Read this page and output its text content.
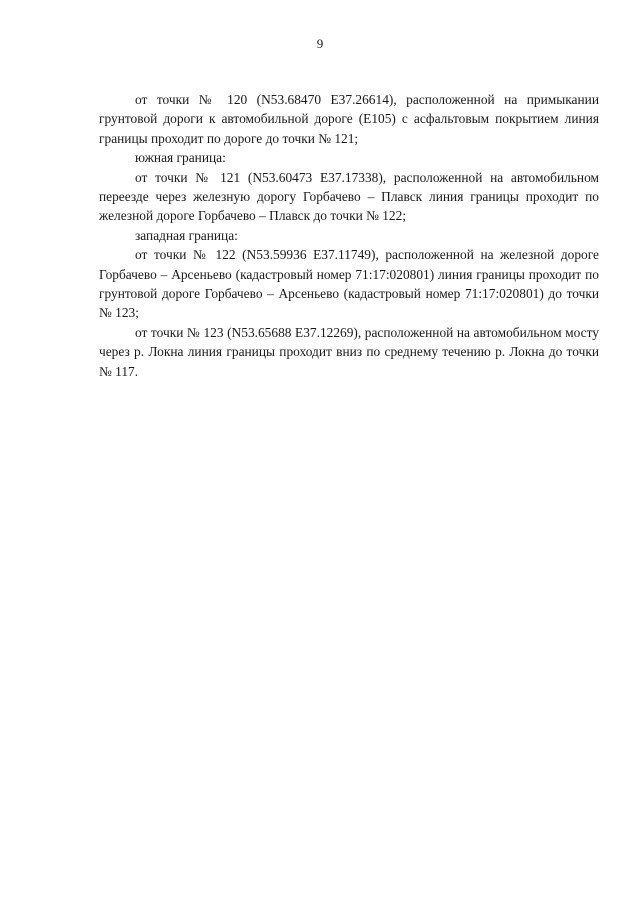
9

от точки № 120 (N53.68470 E37.26614), расположенной на примыкании грунтовой дороги к автомобильной дороге (Е105) с асфальтовым покрытием линия границы проходит по дороге до точки № 121;

южная граница:

от точки № 121 (N53.60473 E37.17338), расположенной на автомобильном переезде через железную дорогу Горбачево – Плавск линия границы проходит по железной дороге Горбачево – Плавск до точки № 122;

западная граница:

от точки № 122 (N53.59936 E37.11749), расположенной на железной дороге Горбачево – Арсеньево (кадастровый номер 71:17:020801) линия границы проходит по грунтовой дороге Горбачево – Арсеньево (кадастровый номер 71:17:020801) до точки № 123;

от точки № 123 (N53.65688 E37.12269), расположенной на автомобильном мосту через р. Локна линия границы проходит вниз по среднему течению р. Локна до точки № 117.
